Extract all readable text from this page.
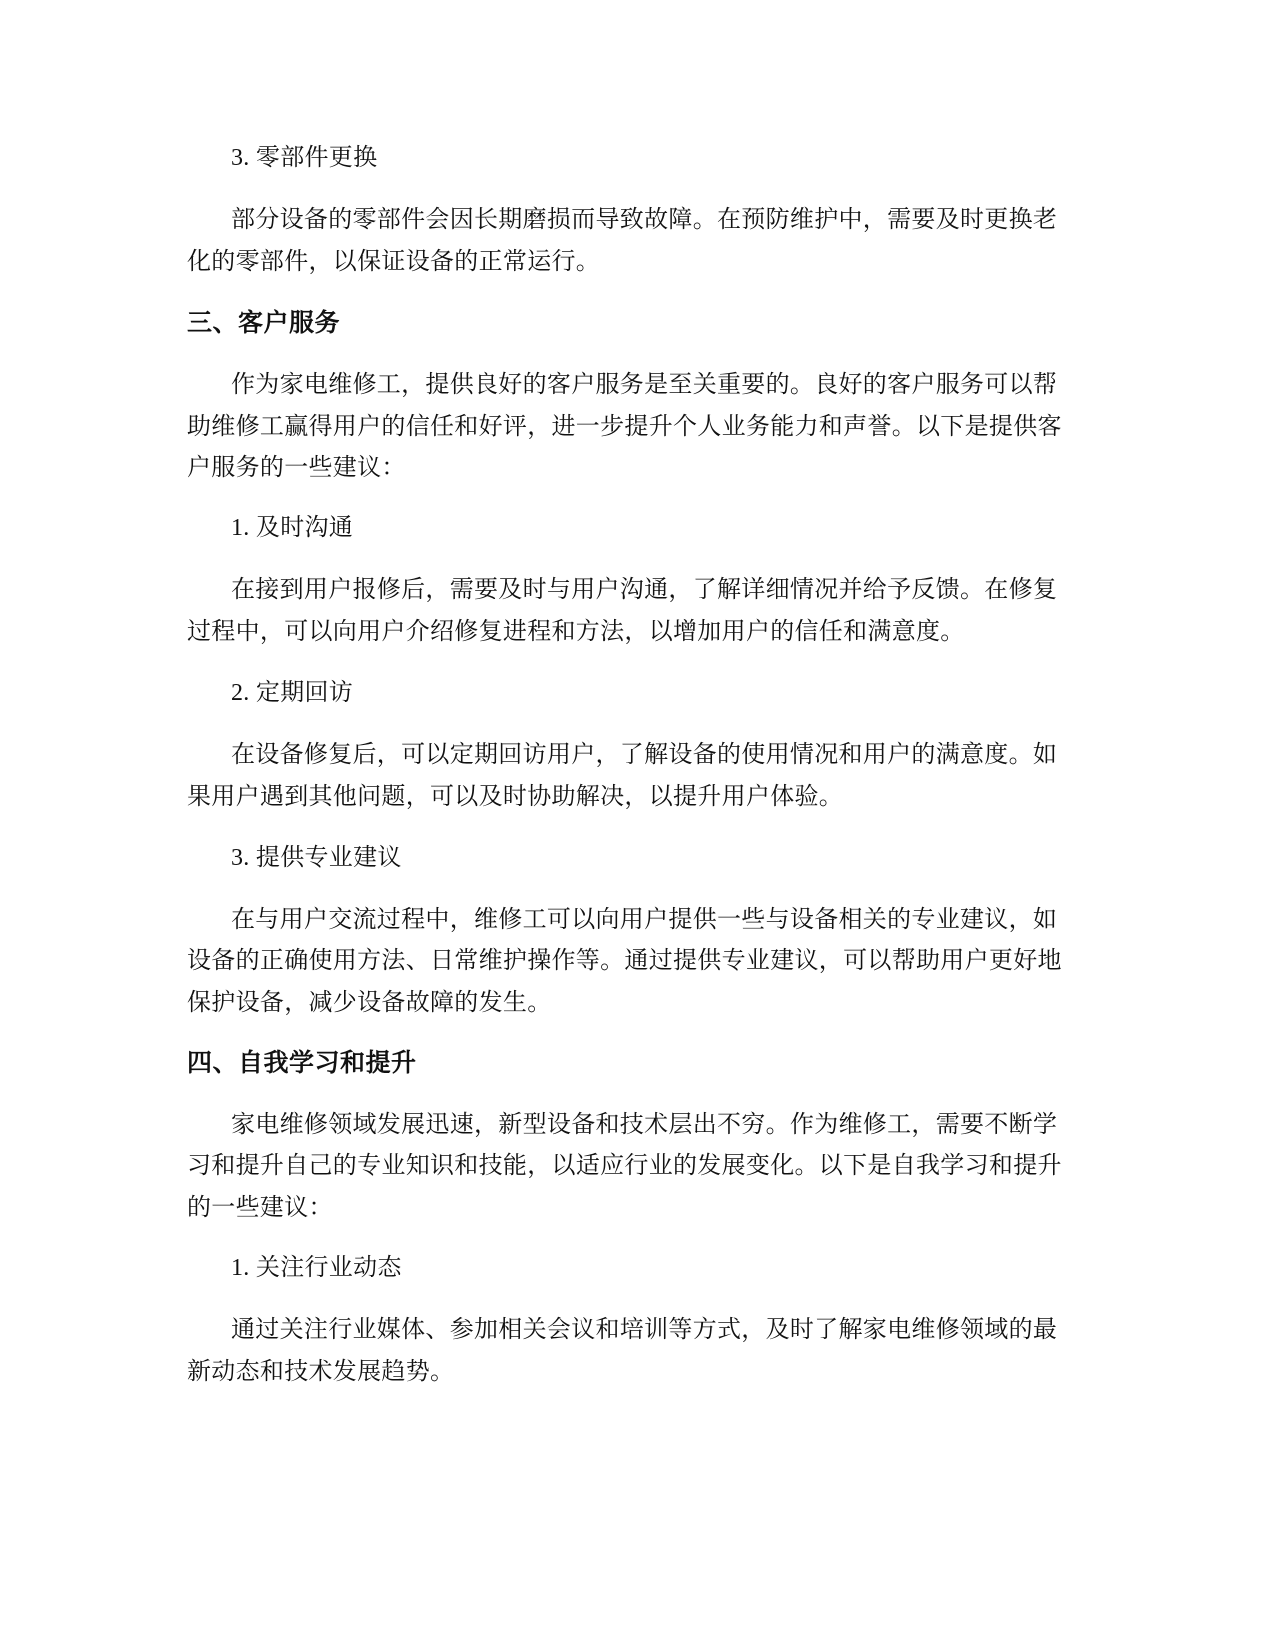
3. 零部件更换
部分设备的零部件会因长期磨损而导致故障。在预防维护中，需要及时更换老
化的零部件，以保证设备的正常运行。
三、客户服务
作为家电维修工，提供良好的客户服务是至关重要的。良好的客户服务可以帮
助维修工赢得用户的信任和好评，进一步提升个人业务能力和声誉。以下是提供客
户服务的一些建议：
1. 及时沟通
在接到用户报修后，需要及时与用户沟通，了解详细情况并给予反馈。在修复
过程中，可以向用户介绍修复进程和方法，以增加用户的信任和满意度。
2. 定期回访
在设备修复后，可以定期回访用户，了解设备的使用情况和用户的满意度。如
果用户遇到其他问题，可以及时协助解决，以提升用户体验。
3. 提供专业建议
在与用户交流过程中，维修工可以向用户提供一些与设备相关的专业建议，如
设备的正确使用方法、日常维护操作等。通过提供专业建议，可以帮助用户更好地
保护设备，减少设备故障的发生。
四、自我学习和提升
家电维修领域发展迅速，新型设备和技术层出不穷。作为维修工，需要不断学
习和提升自己的专业知识和技能，以适应行业的发展变化。以下是自我学习和提升
的一些建议：
1. 关注行业动态
通过关注行业媒体、参加相关会议和培训等方式，及时了解家电维修领域的最
新动态和技术发展趋势。
